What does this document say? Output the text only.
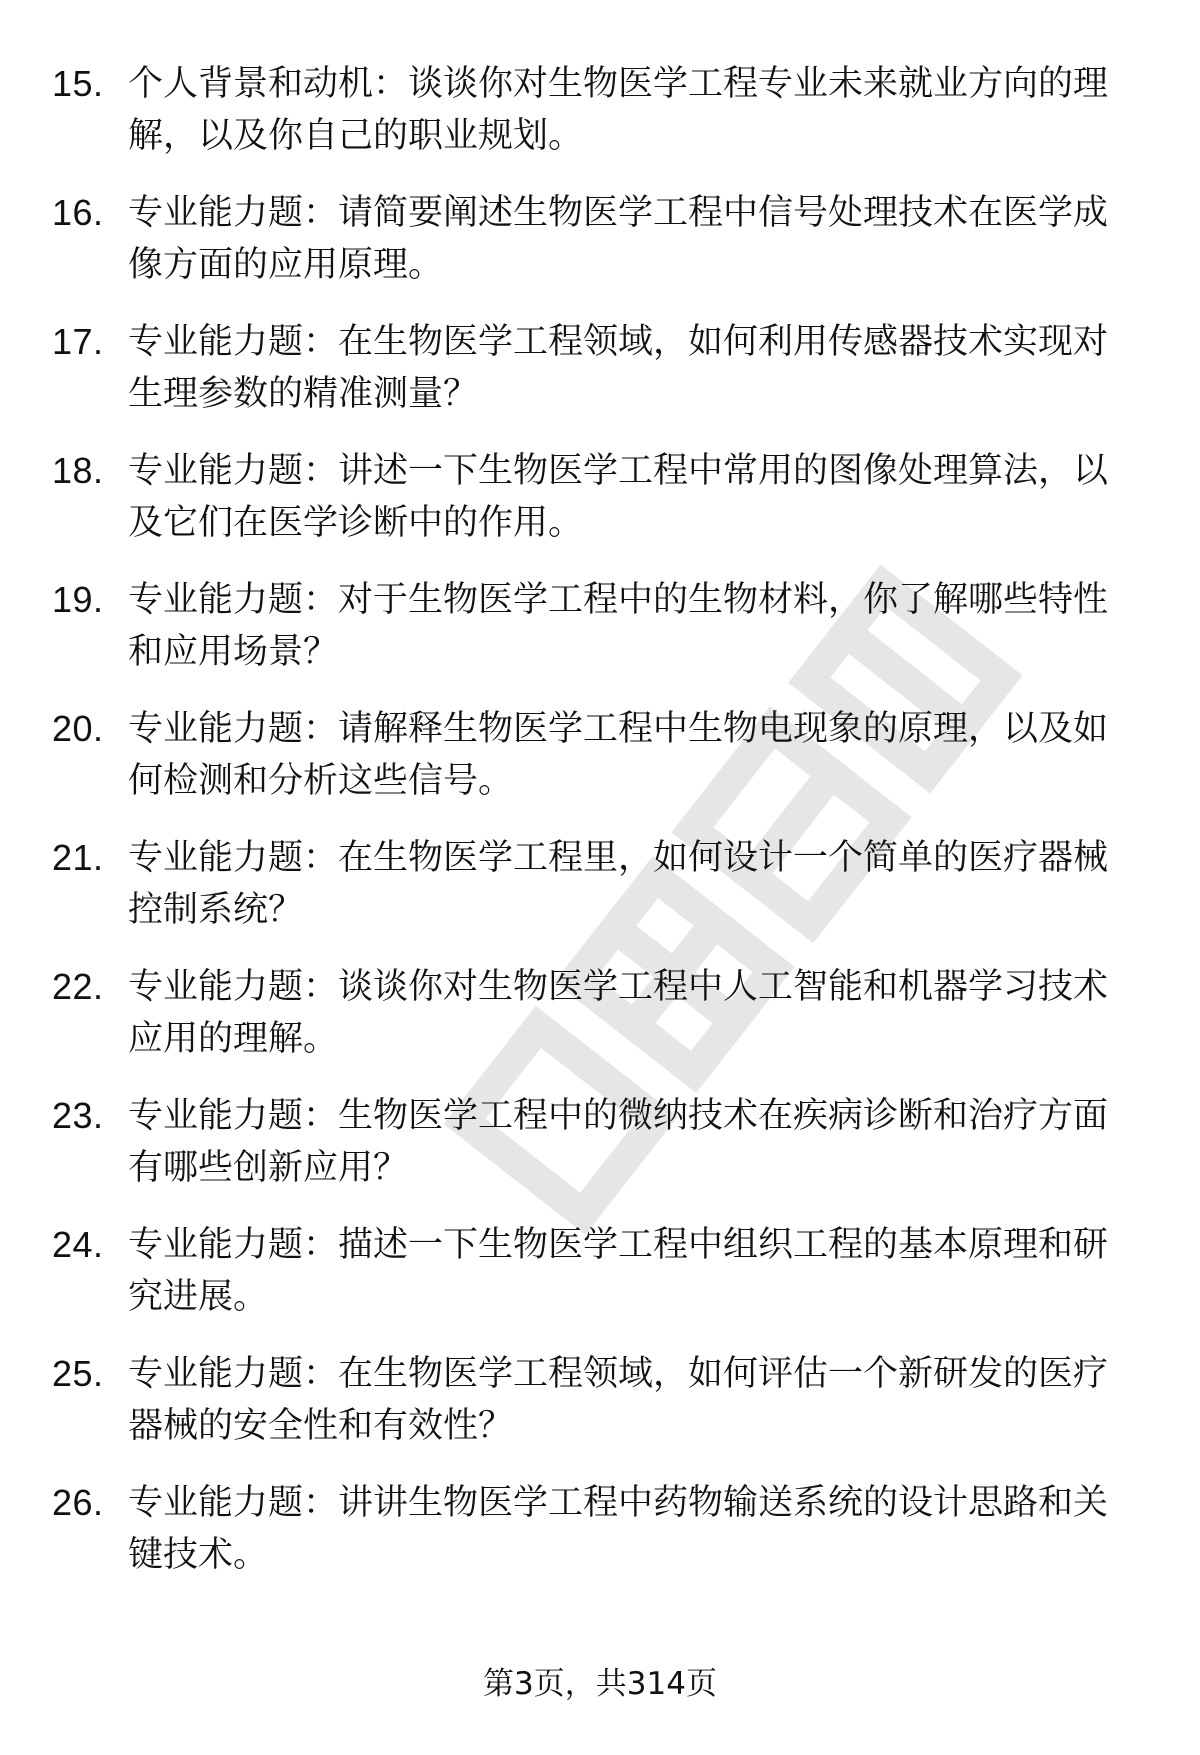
15. 个人背景和动机：谈谈你对生物医学工程专业未来就业方向的理解，以及你自己的职业规划。
16. 专业能力题：请简要阐述生物医学工程中信号处理技术在医学成像方面的应用原理。
17. 专业能力题：在生物医学工程领域，如何利用传感器技术实现对生理参数的精准测量？
18. 专业能力题：讲述一下生物医学工程中常用的图像处理算法，以及它们在医学诊断中的作用。
19. 专业能力题：对于生物医学工程中的生物材料，你了解哪些特性和应用场景？
20. 专业能力题：请解释生物医学工程中生物电现象的原理，以及如何检测和分析这些信号。
21. 专业能力题：在生物医学工程里，如何设计一个简单的医疗器械控制系统？
22. 专业能力题：谈谈你对生物医学工程中人工智能和机器学习技术应用的理解。
23. 专业能力题：生物医学工程中的微纳技术在疾病诊断和治疗方面有哪些创新应用？
24. 专业能力题：描述一下生物医学工程中组织工程的基本原理和研究进展。
25. 专业能力题：在生物医学工程领域，如何评估一个新研发的医疗器械的安全性和有效性？
26. 专业能力题：讲讲生物医学工程中药物输送系统的设计思路和关键技术。
第3页，共314页
